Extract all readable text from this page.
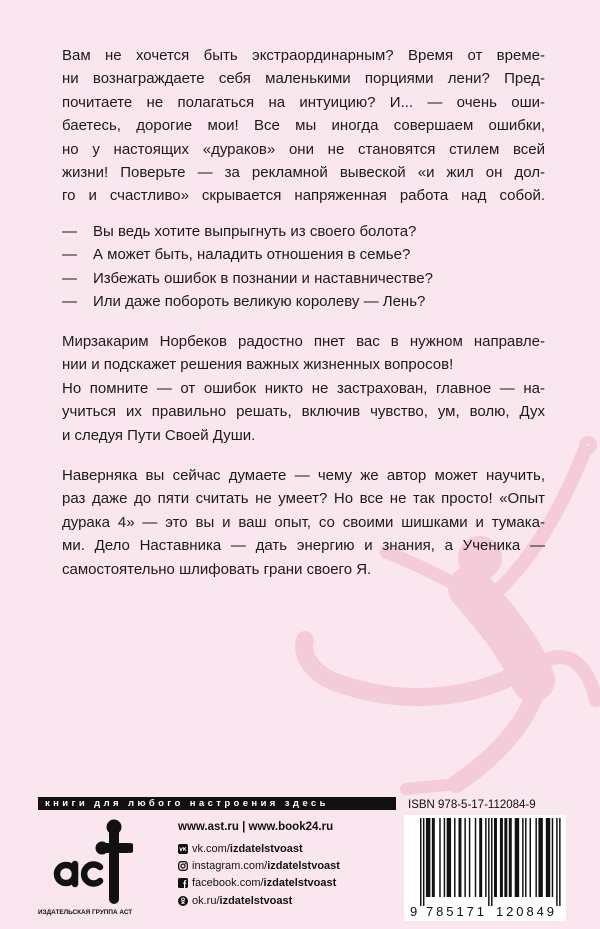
Вам не хочется быть экстраординарным? Время от време-
ни вознаграждаете себя маленькими порциями лени? Пред-
почитаете не полагаться на интуицию? И... — очень оши-
баетесь, дорогие мои! Все мы иногда совершаем ошибки,
но у настоящих «дураков» они не становятся стилем всей
жизни! Поверьте — за рекламной вывеской «и жил он дол-
го и счастливо» скрывается напряженная работа над собой.
—	Вы ведь хотите выпрыгнуть из своего болота?
—	А может быть, наладить отношения в семье?
—	Избежать ошибок в познании и наставничестве?
—	Или даже побороть великую королеву — Лень?
Мирзакарим Норбеков радостно пнет вас в нужном направле-
нии и подскажет решения важных жизненных вопросов!
Но помните — от ошибок никто не застрахован, главное — на-
учиться их правильно решать, включив чувство, ум, волю, Дух
и следуя Пути Своей Души.
Наверняка вы сейчас думаете — чему же автор может научить,
раз даже до пяти считать не умеет? Но все не так просто! «Опыт
дурака 4» — это вы и ваш опыт, со своими шишками и тумака-
ми. Дело Наставника — дать энергию и знания, а Ученика —
самостоятельно шлифовать грани своего Я.
книги для любого настроения здесь
ИЗДАТЕЛЬСКАЯ ГРУППА АСТ
www.ast.ru | www.book24.ru
vk.com/ izdatelstvoast
instagram.com/ izdatelstvoast
facebook.com/ izdatelstvoast
ok.ru/ izdatelstvoast
ISBN 978-5-17-112084-9
9 785171 120849
